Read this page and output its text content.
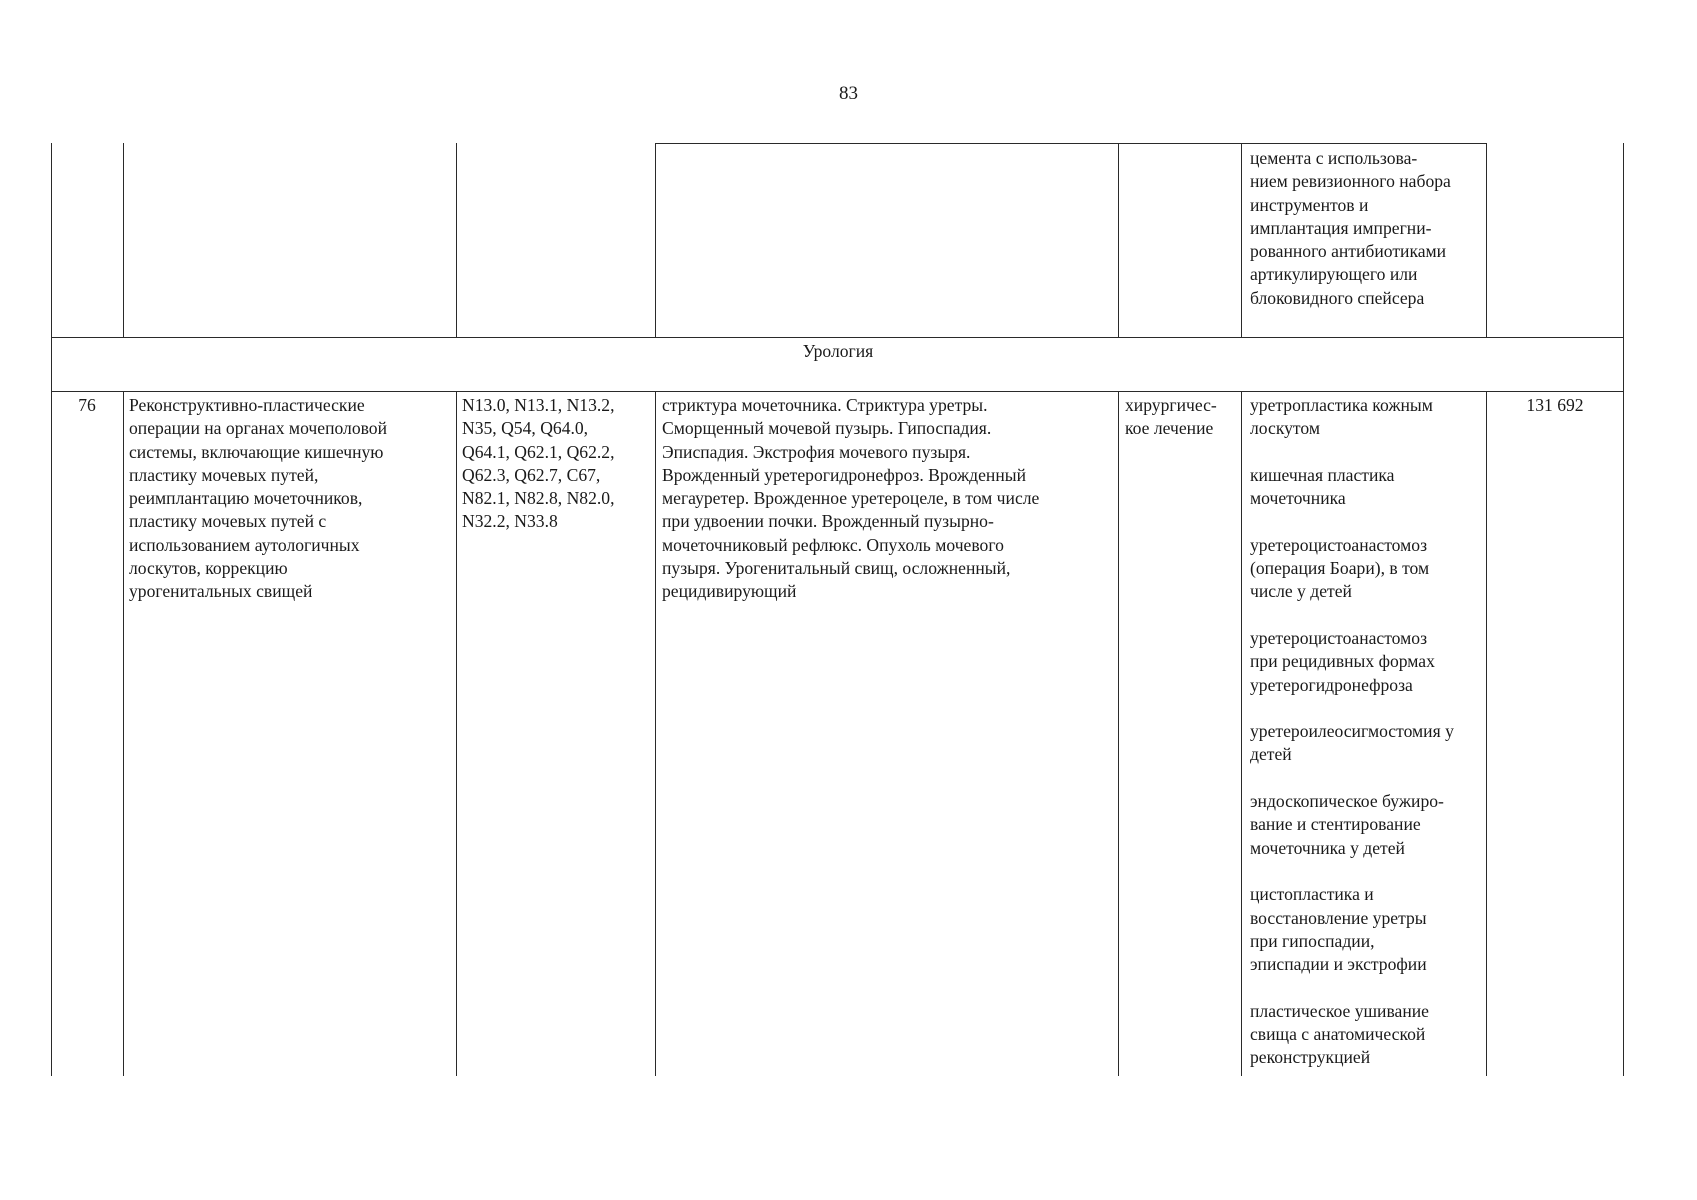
83

цемента с использова-
нием ревизионного набора
инструментов и
имплантация импрегни-
рованного антибиотиками
артикулирующего или
блоковидного спейсера

Урология

76	Реконструктивно-пластические
операции на органах мочеполовой
системы, включающие кишечную
пластику мочевых путей,
реимплантацию мочеточников,
пластику мочевых путей с
использованием аутологичных
лоскутов, коррекцию
урогенитальных свищей

N13.0, N13.1, N13.2,
N35, Q54, Q64.0,
Q64.1, Q62.1, Q62.2,
Q62.3, Q62.7, C67,
N82.1, N82.8, N82.0,
N32.2, N33.8

стриктура мочеточника. Стриктура уретры.
Сморщенный мочевой пузырь. Гипоспадия.
Эписпадия. Экстрофия мочевого пузыря.
Врожденный уретерогидронефроз. Врожденный
мегауретер. Врожденное уретероцеле, в том числе
при удвоении почки. Врожденный пузырно-
мочеточниковый рефлюкс. Опухоль мочевого
пузыря. Урогенитальный свищ, осложненный,
рецидивирующий

хирургичес-
кое лечение

уретропластика кожным
лоскутом

кишечная пластика
мочеточника

уретероцистоанастомоз
(операция Боари), в том
числе у детей

уретероцистоанастомоз
при рецидивных формах
уретерогидронефроза

уретероилеосигмостомия у
детей

эндоскопическое бужиро-
вание и стентирование
мочеточника у детей

цистопластика и
восстановление уретры
при гипоспадии,
эписпадии и экстрофии

пластическое ушивание
свища с анатомической
реконструкцией

131 692
